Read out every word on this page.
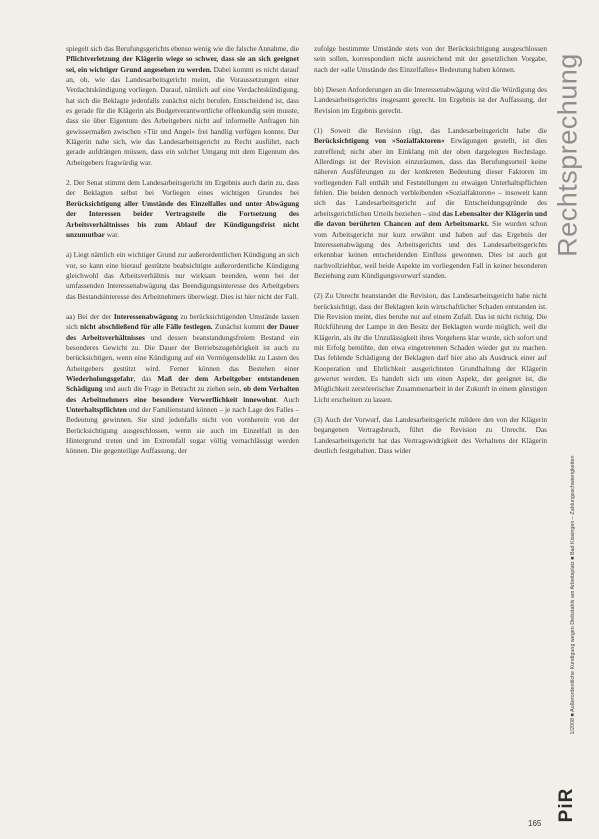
spiegelt sich das Berufungsgerichts ebenso wenig wie die falsche Annahme, die Pflichtverletzung der Klägerin wiege so schwer, dass sie an sich geeignet sei, ein wichtiger Grund angesehen zu werden. Dabei kommt es nicht darauf an, ob, wie das Landesarbeitsgericht meint, die Voraussetzungen einer Verdachtskündigung vorliegen. Darauf, nämlich auf eine Verdachtskündigung, hat sich die Beklagte jedenfalls zunächst nicht berufen. Entscheidend ist, dass es gerade für die Klägerin als Budgetverantwortliche offenkundig sein musste, dass sie über Eigentum des Arbeitgebers nicht auf informelle Anfragen hin gewissermaßen zwischen »Tür und Angel« frei handlig verfügen konnte. Der Klägerin nahe sich, wie das Landesarbeitsgericht zu Recht ausführt, nach gerade aufdrängen müssen, dass ein solcher Umgang mit dem Eigentum des Arbeitgebers fragwürdig war.

2. Der Senat stimmt dem Landesarbeitsgericht im Ergebnis auch darin zu, dass der Beklagten selbst bei Vorliegen eines wichtigen Grundes bei Berücksichtigung aller Umstände des Einzelfalles und unter Abwägung der Interessen beider Vertragsteile die Fortsetzung des Arbeitsverhältnisses bis zum Ablauf der Kündigungsfrist nicht unzumutbar war.

a) Liegt nämlich ein wichtiger Grund zur außerordentlichen Kündigung an sich vor, so kann eine hierauf gestützte beabsichtigte außerordentliche Kündigung gleichwohl das Arbeitsverhältnis nur wirksam beenden, wenn bei der umfassenden Interessenabwägung das Beendigungsinteresse des Arbeitgebers das Bestandsinteresse des Arbeitnehmers überwiegt. Dies ist hier nicht der Fall.

aa) Bei der der Interessenabwägung zu berücksichtigenden Umstände lassen sich nicht abschließend für alle Fälle festlegen. Zunächst kommt der Dauer des Arbeitsverhältnisses und dessen beanstandungsfreiem Bestand ein besonderes Gewicht zu. Die Dauer der Betriebszugehörigkeit ist auch zu berücksichtigen, wenn eine Kündigung auf ein Vermögensdelikt zu Lasten des Arbeitgebers gestützt wird. Ferner können das Bestehen einer Wiederholungsgefahr, das Maß der dem Arbeitgeber entstandenen Schädigung und auch die Frage in Betracht zu ziehen sein, ob dem Verhalten des Arbeitnehmers eine besondere Verwerflichkeit innewohnt. Auch Unterhaltspflichten und der Familienstand können – je nach Lage des Falles – Bedeutung gewinnen. Sie sind jedenfalls nicht von vornherein von der Berücksichtigung ausgeschlossen, wenn sie auch im Einzelfall in den Hintergrund treten und im Extremfall sogar völlig vernachlässigt werden können. Die gegenteilige Auffassung, der

zufolge bestimmte Umstände stets von der Berücksichtigung ausgeschlossen sein sollen, korrespondiert nicht ausreichend mit der gesetzlichen Vorgabe, nach der »alle Umstände des Einzelfalles« Bedeutung haben können.

bb) Diesen Anforderungen an die Interessenabwägung wird die Würdigung des Landesarbeitsgerichts insgesamt gerecht. Im Ergebnis ist der Auffassung, der Revision im Ergebnis gerecht.

(1) Soweit die Revision rügt, das Landesarbeitsgericht habe die Berücksichtigung von »Sozialfaktoren« Erwägungen gestellt, ist dies zutreffend; nicht aber im Einklang mit der oben dargelegten Rechtslage. Allerdings ist der Revision einzuräumen, dass das Berufungsurteil keine näheren Ausführungen zu der konkreten Bedeutung dieser Faktoren im vorliegenden Fall enthält und Feststellungen zu etwaigen Unterhaltspflichten fehlen. Die beiden dennoch verbleibenden »Sozialfaktoren« – insoweit kann sich das Landesarbeitsgericht auf die Entscheidungsgründe des arbeitsgerichtlichen Urteils beziehen – sind das Lebensalter der Klägerin und die davon berührten Chancen auf dem Arbeitsmarkt. Sie wurden schon vom Arbeitsgericht nur kurz erwähnt und haben auf das Ergebnis der Interessenabwägung des Arbeitsgerichts und des Landesarbeitsgerichts erkennbar keinen entscheidenden Einfluss gewonnen. Dies ist auch gut nachvollziehbar, weil beide Aspekte im vorliegenden Fall in keiner besonderen Beziehung zum Kündigungsvorwurf standen.

(2) Zu Unrecht beanstandet die Revision, das Landesarbeitsgericht habe nicht berücksichtigt, dass der Beklagten kein wirtschaftlicher Schaden entstanden ist. Die Revision meint, dies beruhe nur auf einem Zufall. Das ist nicht richtig. Die Rückführung der Lampe in den Besitz der Beklagten wurde möglich, weil die Klägerin, als ihr die Unzulässigkeit ihres Vorgehens klar wurde, sich sofort und mit Erfolg bemühte, den etwa eingetretenen Schaden wieder gut zu machen. Das fehlende Schädigung der Beklagten darf hier also als Ausdruck einer auf Kooperation und Ehrlichkeit ausgerichteten Grundhaltung der Klägerin gewertet werden. Es handelt sich um einen Aspekt, der geeignet ist, die Möglichkeit zerstörerischer Zusammenarbeit in der Zukunft in einem günstigen Licht erscheinen zu lassen.

(3) Auch der Vorwurf, das Landesarbeitsgericht mildere den von der Klägerin begangenen Vertragsbruch, führt die Revision zu Unrecht. Das Landesarbeitsgericht hat das Vertragswidrigkeit des Verhaltens der Klägerin deutlich festgehalten. Dass wider

Rechtsprechung
1/2008 ■ Außerordentliche Kündigung wegen Diebstahls am Arbeitsplatz ■ Bad Kissingen – Zahlungsschwierigkeiten
PiR
165
